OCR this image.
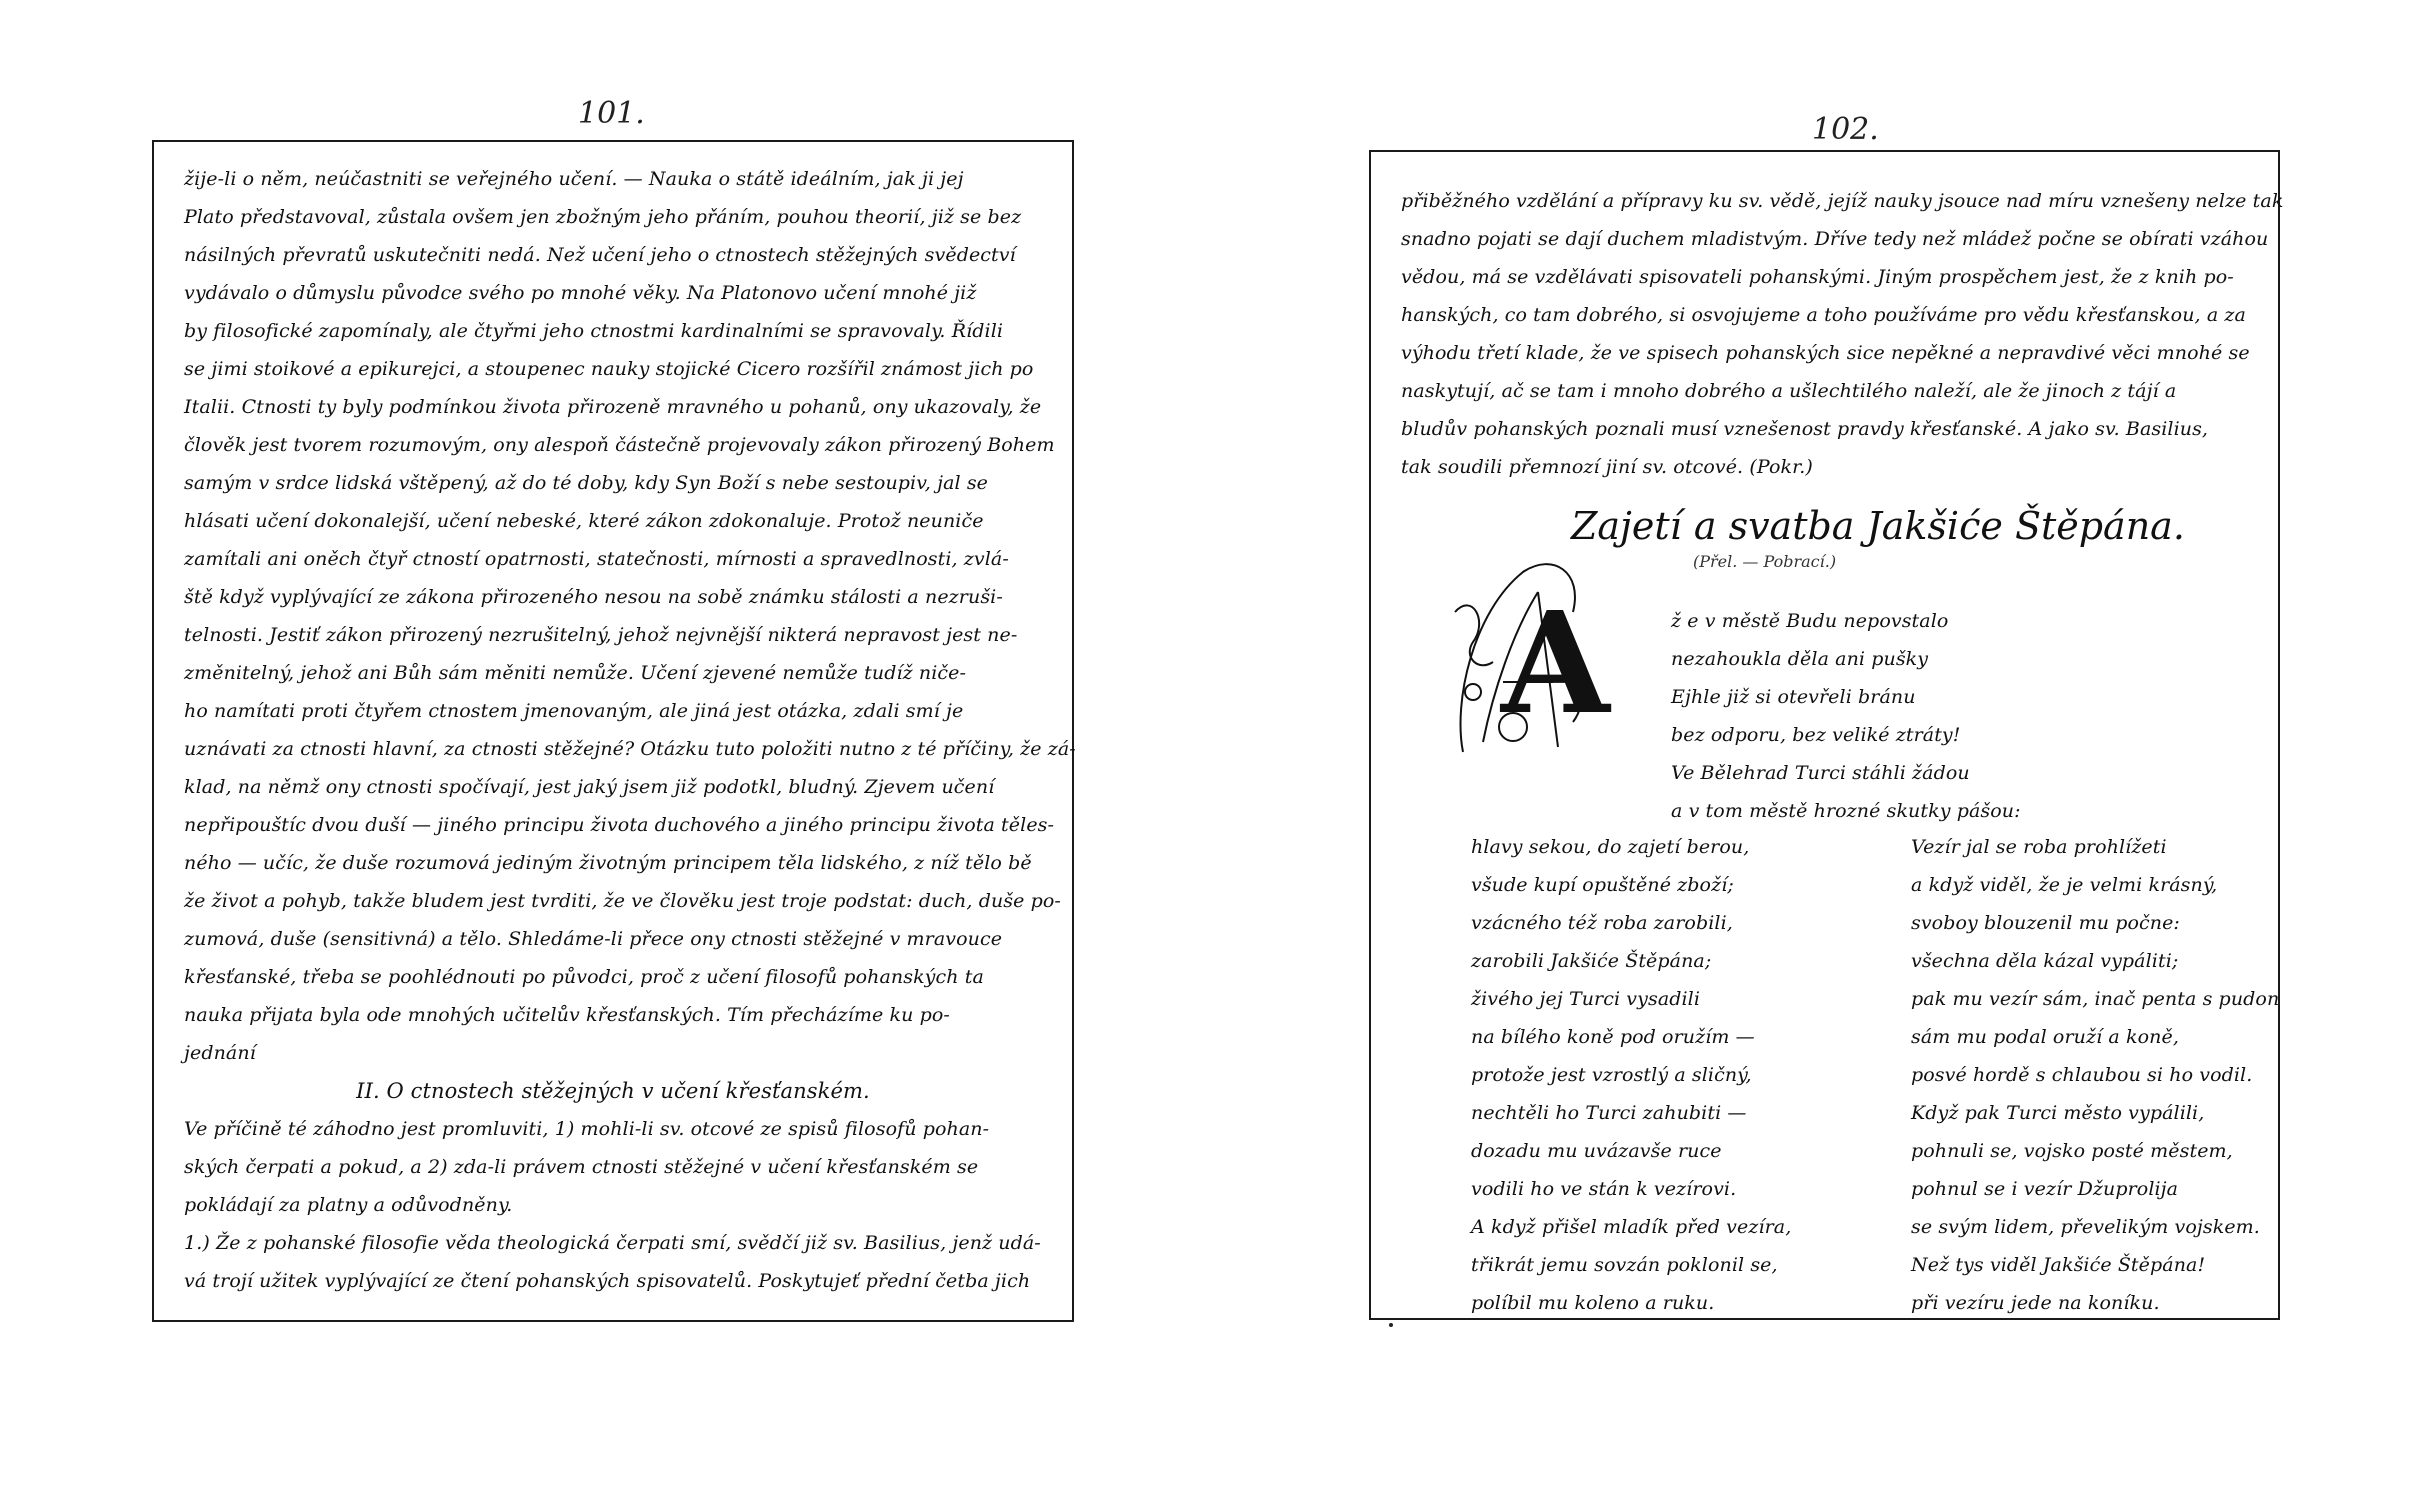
101.
žije-li o něm, neúčastniti se veřejného učení. — Nauka o státě ideálním, jak ji jej
Plato představoval, zůstala ovšem jen zbožným jeho přáním, pouhou theorií, již se bez
násilných převratů uskutečniti nedá. Než učení jeho o ctnostech stěžejných svědectví
vydávalo o důmyslu původce svého po mnohé věky. Na Platonovo učení mnohé již
by filosofické zapomínaly, ale čtyřmi jeho ctnostmi kardinalními se spravovaly. Řídili
se jimi stoikové a epikurejci, a stoupenec nauky stojické Cicero rozšířil známost jich po
Italii. Ctnosti ty byly podmínkou života přirozeně mravného u pohanů, ony ukazovaly, že
člověk jest tvorem rozumovým, ony alespoň částečně projevovaly zákon přirozený Bohem
samým v srdce lidská vštěpený, až do té doby, kdy Syn Boží s nebe sestoupiv, jal se
hlásati učení dokonalejší, učení nebeské, které zákon zdokonaluje. Protož neuniče
zamítali ani oněch čtyř ctností opatrnosti, statečnosti, mírnosti a spravedlnosti, zvlá-
ště když vyplývající ze zákona přirozeného nesou na sobě známku stálosti a nezruši-
telnosti. Jestiť zákon přirozený nezrušitelný, jehož nejvnější nikterá nepravost jest ne-
změnitelný, jehož ani Bůh sám měniti nemůže. Učení zjevené nemůže tudíž niče-
ho namítati proti čtyřem ctnostem jmenovaným, ale jiná jest otázka, zdali smí je
uznávati za ctnosti hlavní, za ctnosti stěžejné? Otázku tuto položiti nutno z té příčiny, že zá-
klad, na němž ony ctnosti spočívají, jest jaký jsem již podotkl, bludný. Zjevem učení
nepřipouštíc dvou duší — jiného principu života duchového a jiného principu života těles-
ného — učíc, že duše rozumová jediným životným principem těla lidského, z níž tělo bě
že život a pohyb, takže bludem jest tvrditi, že ve člověku jest troje podstat: duch, duše po-
zumová, duše (sensitivná) a tělo. Shledáme-li přece ony ctnosti stěžejné v mravouce
křesťanské, třeba se poohlédnouti po původci, proč z učení filosofů pohanských ta
nauka přijata byla ode mnohých učitelův křesťanských. Tím přecházíme ku po-
jednání
II. O ctnostech stěžejných v učení křesťanském.
Ve příčině té záhodno jest promluviti, 1) mohli-li sv. otcové ze spisů filosofů pohan-
ských čerpati a pokud, a 2) zda-li právem ctnosti stěžejné v učení křesťanském se
pokládají za platny a odůvodněny.
1.) Že z pohanské filosofie věda theologická čerpati smí, svědčí již sv. Basilius, jenž udá-
vá trojí užitek vyplývající ze čtení pohanských spisovatelů. Poskytujeť přední četba jich
102.
přiběžného vzdělání a přípravy ku sv. vědě, jejíž nauky jsouce nad míru vznešeny nelze tak
snadno pojati se dají duchem mladistvým. Dříve tedy než mládež počne se obírati vzáhou
vědou, má se vzdělávati spisovateli pohanskými. Jiným prospěchem jest, že z knih po-
hanských, co tam dobrého, si osvojujeme a toho používáme pro vědu křesťanskou, a za
výhodu třetí klade, že ve spisech pohanských sice nepěkné a nepravdivé věci mnohé se
naskytují, ač se tam i mnoho dobrého a ušlechtilého naleží, ale že jinoch z tájí a
bludův pohanských poznali musí vznešenost pravdy křesťanské. A jako sv. Basilius,
tak soudili přemnozí jiní sv. otcové. (Pokr.)
Zajetí a svatba Jakšiće Štěpána.
(Přel. — Pobrací.)
A	ž e v městě Budu nepovstalo
nezahoukla děla ani pušky
Ejhle již si otevřeli bránu
bez odporu, bez veliké ztráty!
Ve Bělehrad Turci stáhli žádou
a v tom městě hrozné skutky pášou:
hlavy sekou, do zajetí berou,
všude kupí opuštěné zboží;
vzácného též roba zarobili,
zarobili Jakšiće Štěpána;
živého jej Turci vysadili
na bílého koně pod oružím —
protože jest vzrostlý a sličný,
nechtěli ho Turci zahubiti —
dozadu mu uvázavše ruce
vodili ho ve stán k vezírovi.
A když přišel mladík před vezíra,
třikrát jemu sovzán poklonil se,
políbil mu koleno a ruku.
Vezír jal se roba prohlížeti
a když viděl, že je velmi krásný,
svoboy blouzenil mu počne:
všechna děla kázal vypáliti;
pak mu vezír sám, inač penta s pudon
sám mu podal oruží a koně,
posvé hordě s chlaubou si ho vodil.
Když pak Turci město vypálili,
pohnuli se, vojsko posté městem,
pohnul se i vezír Džuprolija
se svým lidem, převelikým vojskem.
Než tys viděl Jakšiće Štěpána!
při vezíru jede na koníku.
